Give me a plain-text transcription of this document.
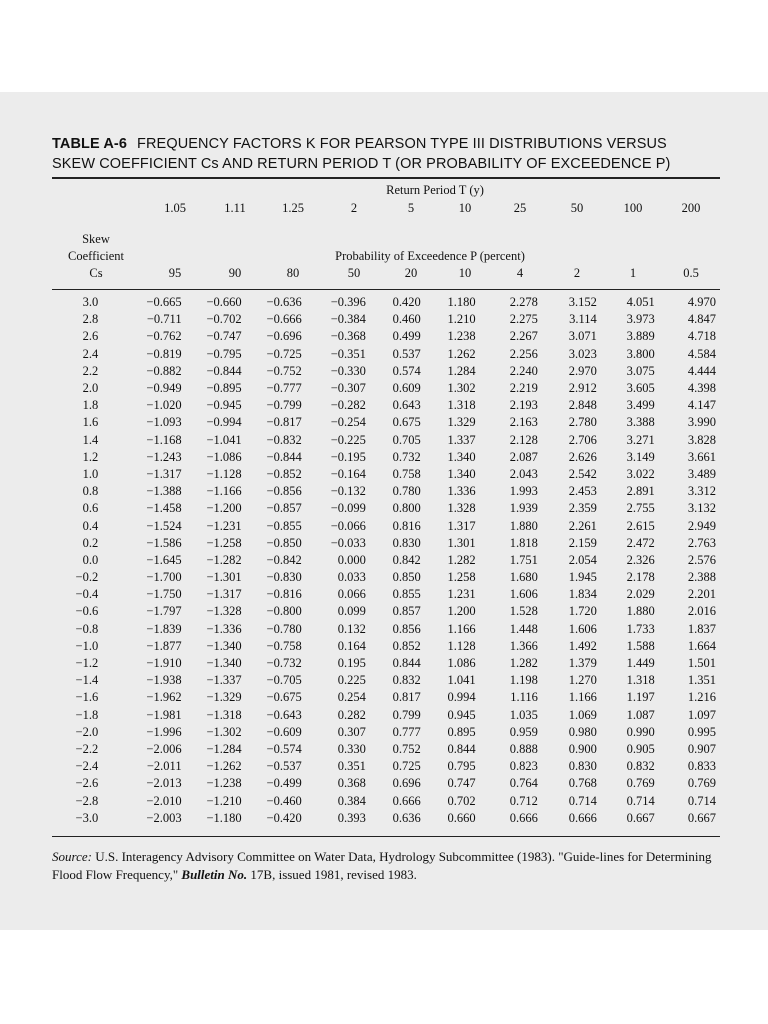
TABLE A-6 FREQUENCY FACTORS K FOR PEARSON TYPE III DISTRIBUTIONS VERSUS
SKEW COEFFICIENT Cs AND RETURN PERIOD T (OR PROBABILITY OF EXCEEDENCE P)
Return Period T (y)
1.05	1.11	1.25	2	5	10	25	50	100	200
Skew
Coefficient
Cs
Probability of Exceedence P (percent)
95	90	80	50	20	10	4	2	1	0.5
3.0	−0.665	−0.660	−0.636	−0.396	0.420	1.180	2.278	3.152	4.051	4.970
2.8	−0.711	−0.702	−0.666	−0.384	0.460	1.210	2.275	3.114	3.973	4.847
2.6	−0.762	−0.747	−0.696	−0.368	0.499	1.238	2.267	3.071	3.889	4.718
2.4	−0.819	−0.795	−0.725	−0.351	0.537	1.262	2.256	3.023	3.800	4.584
2.2	−0.882	−0.844	−0.752	−0.330	0.574	1.284	2.240	2.970	3.075	4.444
2.0	−0.949	−0.895	−0.777	−0.307	0.609	1.302	2.219	2.912	3.605	4.398
1.8	−1.020	−0.945	−0.799	−0.282	0.643	1.318	2.193	2.848	3.499	4.147
1.6	−1.093	−0.994	−0.817	−0.254	0.675	1.329	2.163	2.780	3.388	3.990
1.4	−1.168	−1.041	−0.832	−0.225	0.705	1.337	2.128	2.706	3.271	3.828
1.2	−1.243	−1.086	−0.844	−0.195	0.732	1.340	2.087	2.626	3.149	3.661
1.0	−1.317	−1.128	−0.852	−0.164	0.758	1.340	2.043	2.542	3.022	3.489
0.8	−1.388	−1.166	−0.856	−0.132	0.780	1.336	1.993	2.453	2.891	3.312
0.6	−1.458	−1.200	−0.857	−0.099	0.800	1.328	1.939	2.359	2.755	3.132
0.4	−1.524	−1.231	−0.855	−0.066	0.816	1.317	1.880	2.261	2.615	2.949
0.2	−1.586	−1.258	−0.850	−0.033	0.830	1.301	1.818	2.159	2.472	2.763
0.0	−1.645	−1.282	−0.842	0.000	0.842	1.282	1.751	2.054	2.326	2.576
−0.2	−1.700	−1.301	−0.830	0.033	0.850	1.258	1.680	1.945	2.178	2.388
−0.4	−1.750	−1.317	−0.816	0.066	0.855	1.231	1.606	1.834	2.029	2.201
−0.6	−1.797	−1.328	−0.800	0.099	0.857	1.200	1.528	1.720	1.880	2.016
−0.8	−1.839	−1.336	−0.780	0.132	0.856	1.166	1.448	1.606	1.733	1.837
−1.0	−1.877	−1.340	−0.758	0.164	0.852	1.128	1.366	1.492	1.588	1.664
−1.2	−1.910	−1.340	−0.732	0.195	0.844	1.086	1.282	1.379	1.449	1.501
−1.4	−1.938	−1.337	−0.705	0.225	0.832	1.041	1.198	1.270	1.318	1.351
−1.6	−1.962	−1.329	−0.675	0.254	0.817	0.994	1.116	1.166	1.197	1.216
−1.8	−1.981	−1.318	−0.643	0.282	0.799	0.945	1.035	1.069	1.087	1.097
−2.0	−1.996	−1.302	−0.609	0.307	0.777	0.895	0.959	0.980	0.990	0.995
−2.2	−2.006	−1.284	−0.574	0.330	0.752	0.844	0.888	0.900	0.905	0.907
−2.4	−2.011	−1.262	−0.537	0.351	0.725	0.795	0.823	0.830	0.832	0.833
−2.6	−2.013	−1.238	−0.499	0.368	0.696	0.747	0.764	0.768	0.769	0.769
−2.8	−2.010	−1.210	−0.460	0.384	0.666	0.702	0.712	0.714	0.714	0.714
−3.0	−2.003	−1.180	−0.420	0.393	0.636	0.660	0.666	0.666	0.667	0.667
Source: U.S. Interagency Advisory Committee on Water Data, Hydrology Subcommittee (1983). "Guide-lines for Determining Flood Flow Frequency," Bulletin No. 17B, issued 1981, revised 1983.
